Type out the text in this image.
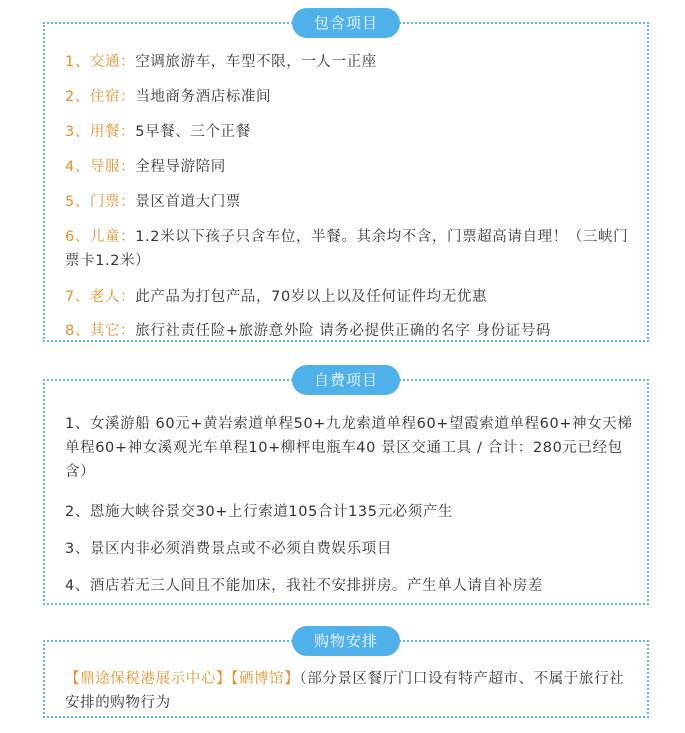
包含项目
1、交通：空调旅游车，车型不限，一人一正座
2、住宿：当地商务酒店标准间
3、用餐：5早餐、三个正餐
4、导服：全程导游陪同
5、门票：景区首道大门票
6、儿童：1.2米以下孩子只含车位，半餐。其余均不含，门票超高请自理！（三峡门票卡1.2米）
7、老人：此产品为打包产品，70岁以上以及任何证件均无优惠
8、其它：旅行社责任险+旅游意外险 请务必提供正确的名字 身份证号码
自费项目
1、女溪游船 60元+黄岩索道单程50+九龙索道单程60+望霞索道单程60+神女天梯单程60+神女溪观光车单程10+柳枰电瓶车40 景区交通工具 / 合计：280元已经包含）
2、恩施大峡谷景交30+上行索道105合计135元必须产生
3、景区内非必须消费景点或不必须自费娱乐项目
4、酒店若无三人间且不能加床，我社不安排拼房。产生单人请自补房差
购物安排
【鼎途保税港展示中心】【硒博馆】（部分景区餐厅门口设有特产超市、不属于旅行社安排的购物行为
